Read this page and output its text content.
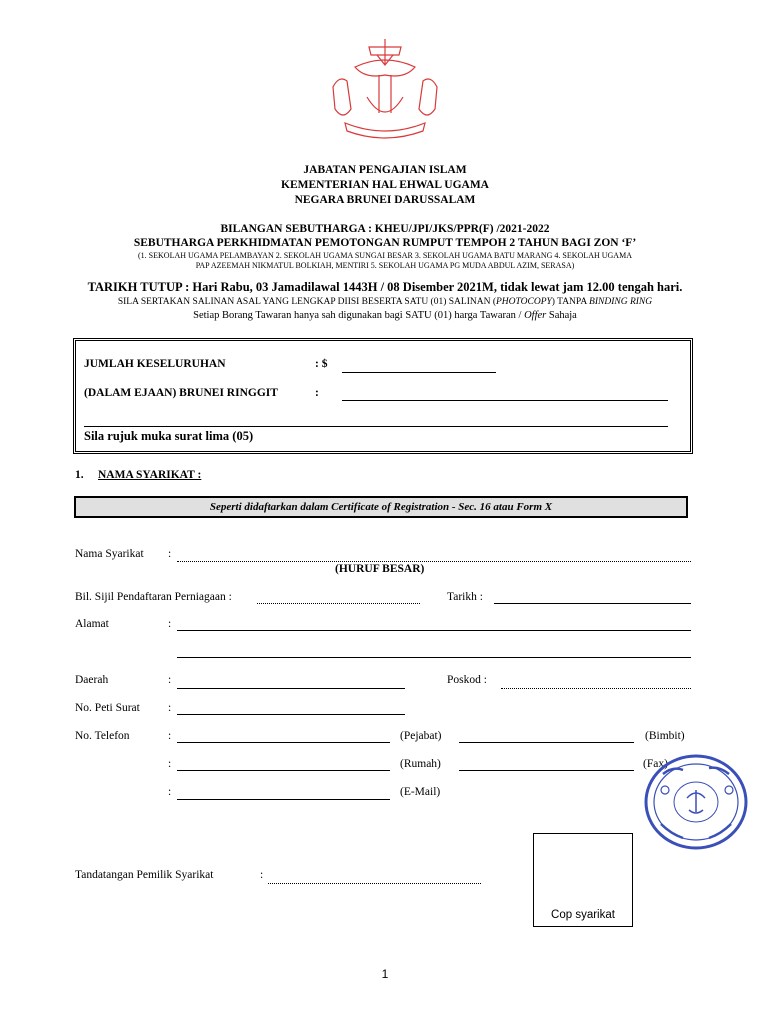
JABATAN PENGAJIAN ISLAM
KEMENTERIAN HAL EHWAL UGAMA
NEGARA BRUNEI DARUSSALAM
BILANGAN SEBUTHARGA : KHEU/JPI/JKS/PPR(F) /2021-2022
SEBUTHARGA PERKHIDMATAN PEMOTONGAN RUMPUT TEMPOH 2 TAHUN BAGI ZON ‘F’
(1. SEKOLAH UGAMA PELAMBAYAN 2. SEKOLAH UGAMA SUNGAI BESAR 3. SEKOLAH UGAMA BATU MARANG 4. SEKOLAH UGAMA
PAP AZEEMAH NIKMATUL BOLKIAH, MENTIRI 5. SEKOLAH UGAMA PG MUDA ABDUL AZIM, SERASA)
TARIKH TUTUP : Hari Rabu, 03 Jamadilawal 1443H / 08 Disember 2021M, tidak lewat jam 12.00 tengah hari.
SILA SERTAKAN SALINAN ASAL YANG LENGKAP DIISI BESERTA SATU (01) SALINAN (PHOTOCOPY) TANPA BINDING RING
Setiap Borang Tawaran hanya sah digunakan bagi SATU (01) harga Tawaran / Offer Sahaja
JUMLAH KESELURUHAN	: $
(DALAM EJAAN) BRUNEI RINGGIT	:
Sila rujuk muka surat lima (05)
1. NAMA SYARIKAT :
Seperti didaftarkan dalam Certificate of Registration - Sec. 16 atau Form X
Nama Syarikat :
(HURUF BESAR)
Bil. Sijil Pendaftaran Perniagaan :	Tarikh :
Alamat	:
Daerah	:	Poskod :
No. Peti Surat :
No. Telefon	:	(Pejabat)	(Bimbit)
:	(Rumah)	(Fax)
:	(E-Mail)
Tandatangan Pemilik Syarikat	:
Cop syarikat
1
